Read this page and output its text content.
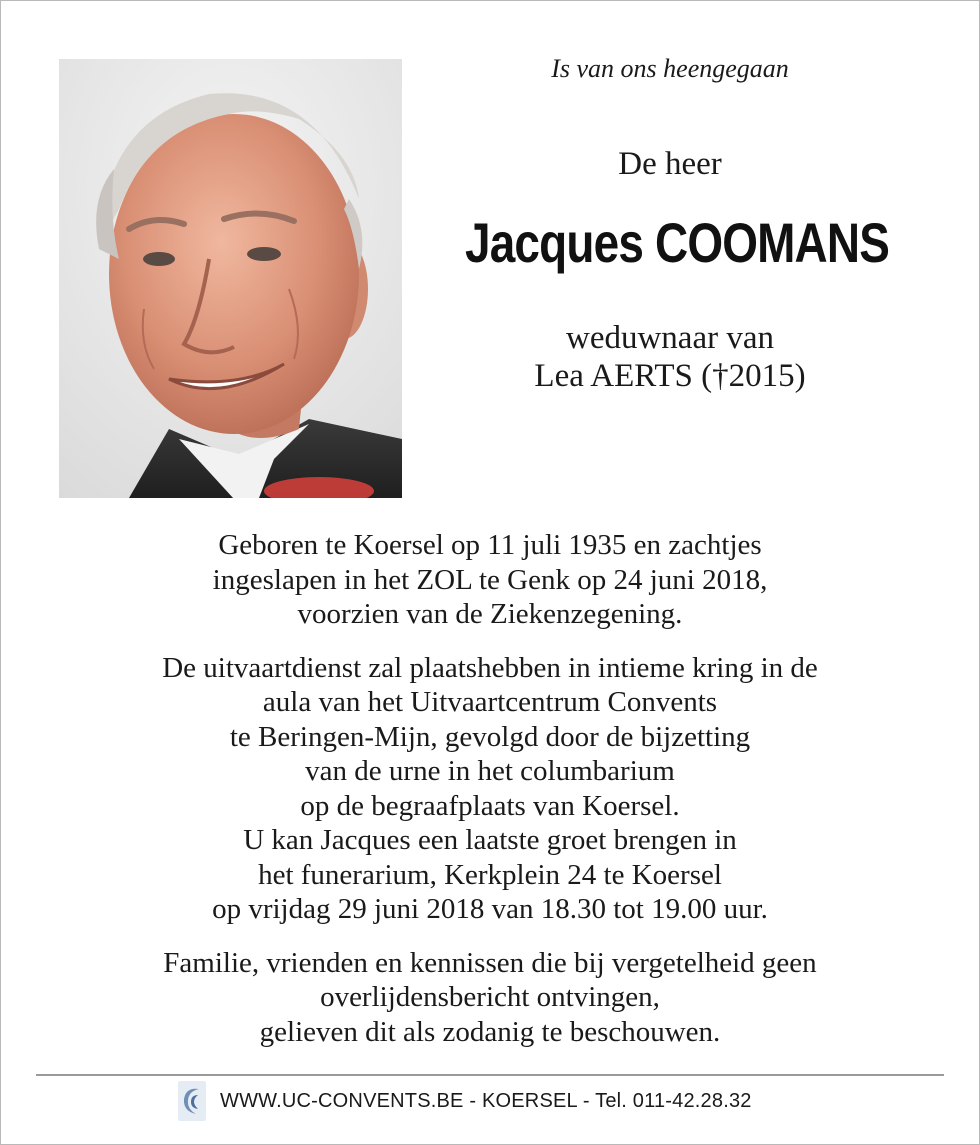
Is van ons heengegaan
De heer
Jacques COOMANS
weduwnaar van
Lea AERTS (†2015)

Geboren te Koersel op 11 juli 1935 en zachtjes
ingeslapen in het ZOL te Genk op 24 juni 2018,
voorzien van de Ziekenzegening.

De uitvaartdienst zal plaatshebben in intieme kring in de
aula van het Uitvaartcentrum Convents
te Beringen-Mijn, gevolgd door de bijzetting
van de urne in het columbarium
op de begraafplaats van Koersel.
U kan Jacques een laatste groet brengen in
het funerarium, Kerkplein 24 te Koersel
op vrijdag 29 juni 2018 van 18.30 tot 19.00 uur.

Familie, vrienden en kennissen die bij vergetelheid geen
overlijdensbericht ontvingen,
gelieven dit als zodanig te beschouwen.

WWW.UC-CONVENTS.BE - KOERSEL - Tel. 011-42.28.32
